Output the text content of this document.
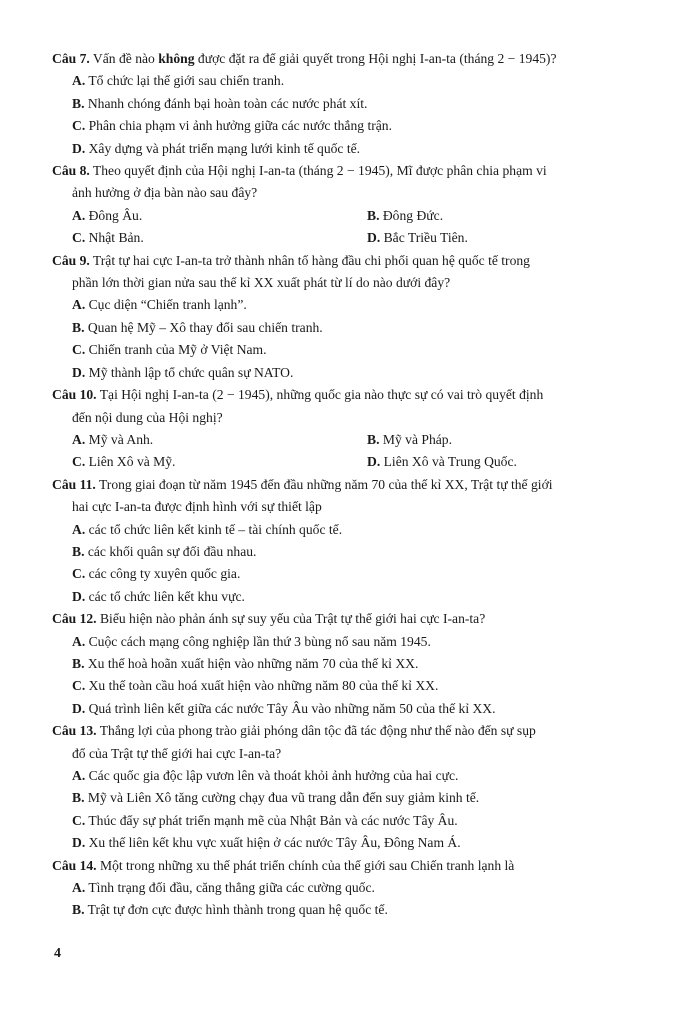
Câu 7. Vấn đề nào không được đặt ra để giải quyết trong Hội nghị I-an-ta (tháng 2 − 1945)?
A. Tổ chức lại thế giới sau chiến tranh.
B. Nhanh chóng đánh bại hoàn toàn các nước phát xít.
C. Phân chia phạm vi ảnh hưởng giữa các nước thắng trận.
D. Xây dựng và phát triển mạng lưới kinh tế quốc tế.
Câu 8. Theo quyết định của Hội nghị I-an-ta (tháng 2 − 1945), Mĩ được phân chia phạm vi
ảnh hưởng ở địa bàn nào sau đây?
A. Đông Âu.	B. Đông Đức.
C. Nhật Bản.	D. Bắc Triều Tiên.
Câu 9. Trật tự hai cực I-an-ta trở thành nhân tố hàng đầu chi phối quan hệ quốc tế trong
phần lớn thời gian nửa sau thế kỉ XX xuất phát từ lí do nào dưới đây?
A. Cục diện “Chiến tranh lạnh”.
B. Quan hệ Mỹ – Xô thay đổi sau chiến tranh.
C. Chiến tranh của Mỹ ở Việt Nam.
D. Mỹ thành lập tổ chức quân sự NATO.
Câu 10. Tại Hội nghị I-an-ta (2 − 1945), những quốc gia nào thực sự có vai trò quyết định
đến nội dung của Hội nghị?
A. Mỹ và Anh.	B. Mỹ và Pháp.
C. Liên Xô và Mỹ.	D. Liên Xô và Trung Quốc.
Câu 11. Trong giai đoạn từ năm 1945 đến đầu những năm 70 của thế kỉ XX, Trật tự thế giới
hai cực I-an-ta được định hình với sự thiết lập
A. các tổ chức liên kết kinh tế – tài chính quốc tế.
B. các khối quân sự đối đầu nhau.
C. các công ty xuyên quốc gia.
D. các tổ chức liên kết khu vực.
Câu 12. Biểu hiện nào phản ánh sự suy yếu của Trật tự thế giới hai cực I-an-ta?
A. Cuộc cách mạng công nghiệp lần thứ 3 bùng nổ sau năm 1945.
B. Xu thế hoà hoãn xuất hiện vào những năm 70 của thế kỉ XX.
C. Xu thế toàn cầu hoá xuất hiện vào những năm 80 của thế kỉ XX.
D. Quá trình liên kết giữa các nước Tây Âu vào những năm 50 của thế kỉ XX.
Câu 13. Thắng lợi của phong trào giải phóng dân tộc đã tác động như thế nào đến sự sụp
đổ của Trật tự thế giới hai cực I-an-ta?
A. Các quốc gia độc lập vươn lên và thoát khỏi ảnh hưởng của hai cực.
B. Mỹ và Liên Xô tăng cường chạy đua vũ trang dẫn đến suy giảm kinh tế.
C. Thúc đẩy sự phát triển mạnh mẽ của Nhật Bản và các nước Tây Âu.
D. Xu thế liên kết khu vực xuất hiện ở các nước Tây Âu, Đông Nam Á.
Câu 14. Một trong những xu thế phát triển chính của thế giới sau Chiến tranh lạnh là
A. Tình trạng đối đầu, căng thẳng giữa các cường quốc.
B. Trật tự đơn cực được hình thành trong quan hệ quốc tế.
4
